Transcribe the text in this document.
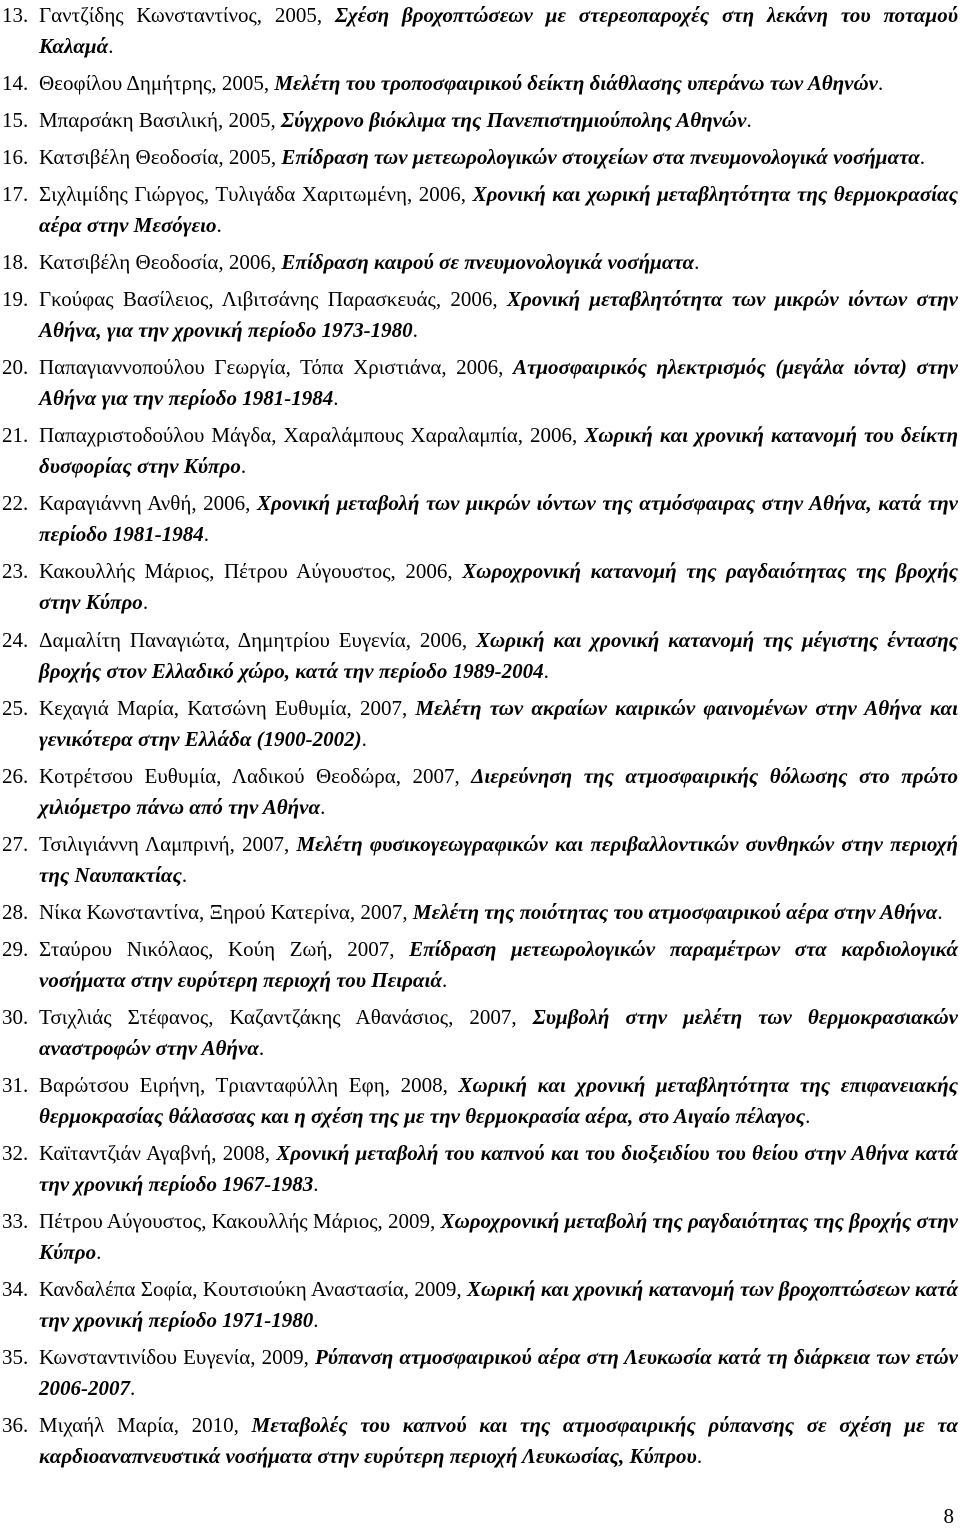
13. Γαντζίδης Κωνσταντίνος, 2005, Σχέση βροχοπτώσεων με στερεοπαροχές στη λεκάνη του ποταμού Καλαμά.
14. Θεοφίλου Δημήτρης, 2005, Μελέτη του τροποσφαιρικού δείκτη διάθλασης υπεράνω των Αθηνών.
15. Μπαρσάκη Βασιλική, 2005, Σύγχρονο βιόκλιμα της Πανεπιστημιούπολης Αθηνών.
16. Κατσιβέλη Θεοδοσία, 2005, Επίδραση των μετεωρολογικών στοιχείων στα πνευμονολογικά νοσήματα.
17. Σιχλιμίδης Γιώργος, Τυλιγάδα Χαριτωμένη, 2006, Χρονική και χωρική μεταβλητότητα της θερμοκρασίας αέρα στην Μεσόγειο.
18. Κατσιβέλη Θεοδοσία, 2006, Επίδραση καιρού σε πνευμονολογικά νοσήματα.
19. Γκούφας Βασίλειος, Λιβιτσάνης Παρασκευάς, 2006, Χρονική μεταβλητότητα των μικρών ιόντων στην Αθήνα, για την χρονική περίοδο 1973-1980.
20. Παπαγιαννοπούλου Γεωργία, Τόπα Χριστιάνα, 2006, Ατμοσφαιρικός ηλεκτρισμός (μεγάλα ιόντα) στην Αθήνα για την περίοδο 1981-1984.
21. Παπαχριστοδούλου Μάγδα, Χαραλάμπους Χαραλαμπία, 2006, Χωρική και χρονική κατανομή του δείκτη δυσφορίας στην Κύπρο.
22. Καραγιάννη Ανθή, 2006, Χρονική μεταβολή των μικρών ιόντων της ατμόσφαιρας στην Αθήνα, κατά την περίοδο 1981-1984.
23. Κακουλλής Μάριος, Πέτρου Αύγουστος, 2006, Χωροχρονική κατανομή της ραγδαιότητας της βροχής στην Κύπρο.
24. Δαμαλίτη Παναγιώτα, Δημητρίου Ευγενία, 2006, Χωρική και χρονική κατανομή της μέγιστης έντασης βροχής στον Ελλαδικό χώρο, κατά την περίοδο 1989-2004.
25. Κεχαγιά Μαρία, Κατσώνη Ευθυμία, 2007, Μελέτη των ακραίων καιρικών φαινομένων στην Αθήνα και γενικότερα στην Ελλάδα (1900-2002).
26. Κοτρέτσου Ευθυμία, Λαδικού Θεοδώρα, 2007, Διερεύνηση της ατμοσφαιρικής θόλωσης στο πρώτο χιλιόμετρο πάνω από την Αθήνα.
27. Τσιλιγιάννη Λαμπρινή, 2007, Μελέτη φυσικογεωγραφικών και περιβαλλοντικών συνθηκών στην περιοχή της Ναυπακτίας.
28. Νίκα Κωνσταντίνα, Ξηρού Κατερίνα, 2007, Μελέτη της ποιότητας του ατμοσφαιρικού αέρα στην Αθήνα.
29. Σταύρου Νικόλαος, Κούη Ζωή, 2007, Επίδραση μετεωρολογικών παραμέτρων στα καρδιολογικά νοσήματα στην ευρύτερη περιοχή του Πειραιά.
30. Τσιχλιάς Στέφανος, Καζαντζάκης Αθανάσιος, 2007, Συμβολή στην μελέτη των θερμοκρασιακών αναστροφών στην Αθήνα.
31. Βαρώτσου Ειρήνη, Τριανταφύλλη Εφη, 2008, Χωρική και χρονική μεταβλητότητα της επιφανειακής θερμοκρασίας θάλασσας και η σχέση της με την θερμοκρασία αέρα, στο Αιγαίο πέλαγος.
32. Καϊταντζιάν Αγαβνή, 2008, Χρονική μεταβολή του καπνού και του διοξειδίου του θείου στην Αθήνα κατά την χρονική περίοδο 1967-1983.
33. Πέτρου Αύγουστος, Κακουλλής Μάριος, 2009, Χωροχρονική μεταβολή της ραγδαιότητας της βροχής στην Κύπρο.
34. Κανδαλέπα Σοφία, Κουτσιούκη Αναστασία, 2009, Χωρική και χρονική κατανομή των βροχοπτώσεων κατά την χρονική περίοδο 1971-1980.
35. Κωνσταντινίδου Ευγενία, 2009, Ρύπανση ατμοσφαιρικού αέρα στη Λευκωσία κατά τη διάρκεια των ετών 2006-2007.
36. Μιχαήλ Μαρία, 2010, Μεταβολές του καπνού και της ατμοσφαιρικής ρύπανσης σε σχέση με τα καρδιοαναπνευστικά νοσήματα στην ευρύτερη περιοχή Λευκωσίας, Κύπρου.
8
